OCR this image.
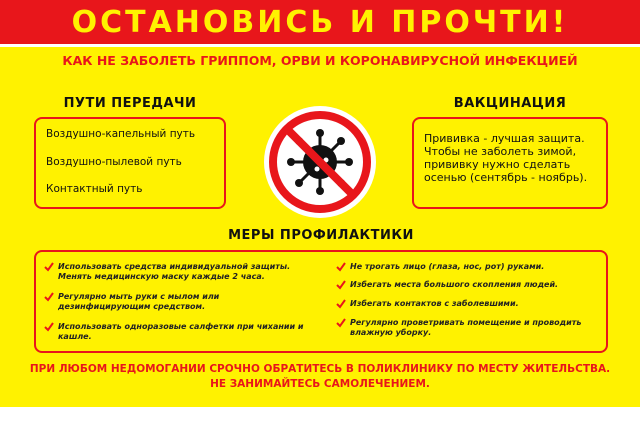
ОСТАНОВИСЬ И ПРОЧТИ!
КАК НЕ ЗАБОЛЕТЬ ГРИППОМ, ОРВИ И КОРОНАВИРУСНОЙ ИНФЕКЦИЕЙ
ПУТИ ПЕРЕДАЧИ
Воздушно-капельный путь
Воздушно-пылевой путь
Контактный путь
ВАКЦИНАЦИЯ
Прививка - лучшая защита. Чтобы не заболеть зимой, прививку нужно сделать осенью (сентябрь - ноябрь).
МЕРЫ ПРОФИЛАКТИКИ
Использовать средства индивидуальной защиты. Менять медицинскую маску каждые 2 часа.
Регулярно мыть руки с мылом или дезинфицирующим средством.
Использовать одноразовые салфетки при чихании и кашле.
Не трогать лицо (глаза, нос, рот) руками.
Избегать места большого скопления людей.
Избегать контактов с заболевшими.
Регулярно проветривать помещение и проводить влажную уборку.
ПРИ ЛЮБОМ НЕДОМОГАНИИ СРОЧНО ОБРАТИТЕСЬ В ПОЛИКЛИНИКУ ПО МЕСТУ ЖИТЕЛЬСТВА.
НЕ ЗАНИМАЙТЕСЬ САМОЛЕЧЕНИЕМ.
